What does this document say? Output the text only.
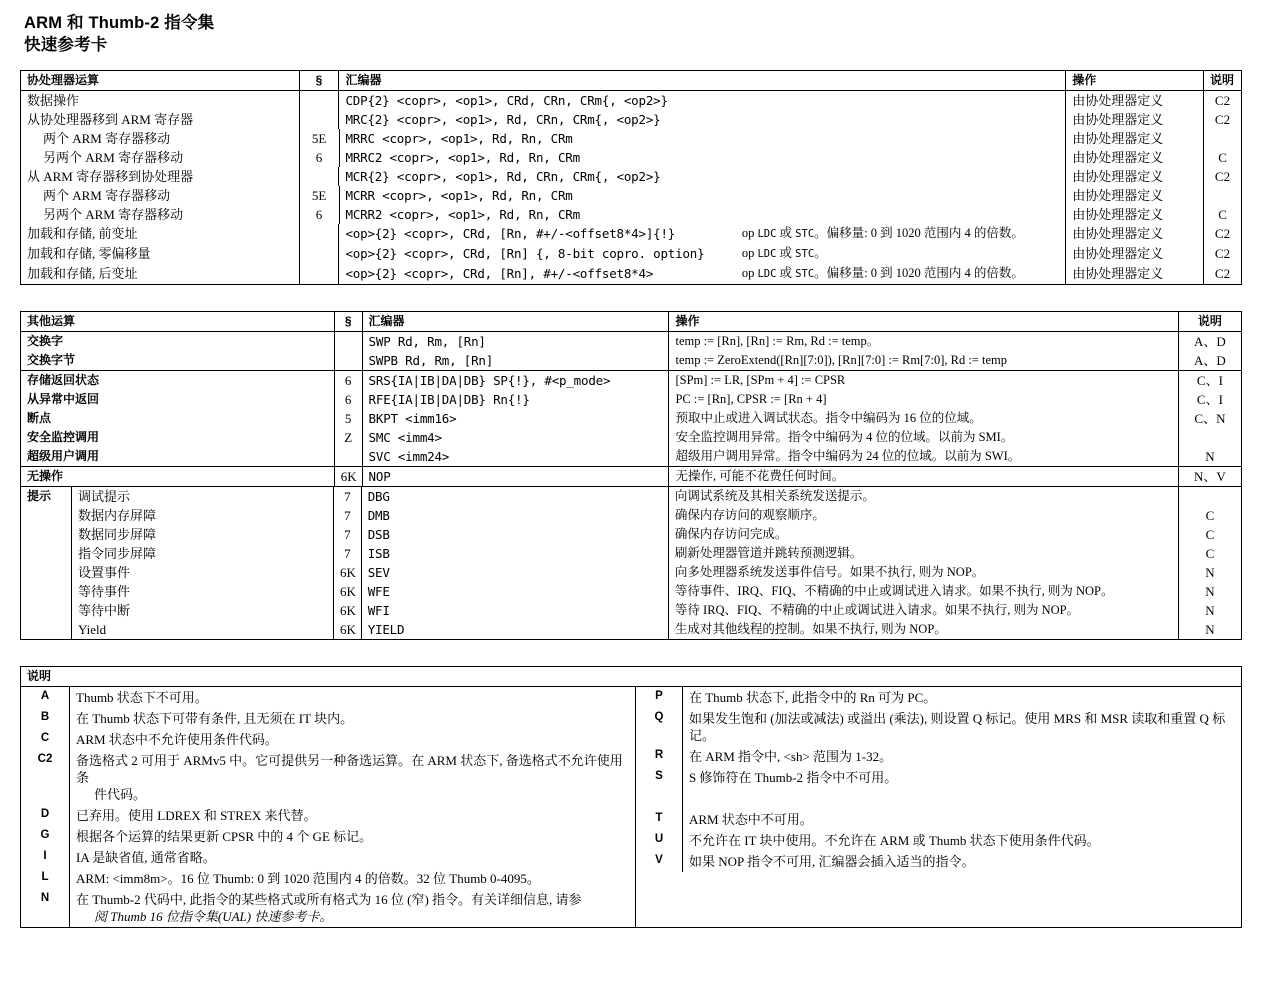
ARM 和 Thumb-2 指令集
快速参考卡
协处理器运算	§	汇编器	操作	说明
数据操作	CDP{2} <copr>, <op1>, CRd, CRn, CRm{, <op2>}	由协处理器定义	C2
从协处理器移到 ARM 寄存器	MRC{2} <copr>, <op1>, Rd, CRn, CRm{, <op2>}	由协处理器定义	C2
两个 ARM 寄存器移动	5E	MRRC <copr>, <op1>, Rd, Rn, CRm	由协处理器定义
另两个 ARM 寄存器移动	6	MRRC2 <copr>, <op1>, Rd, Rn, CRm	由协处理器定义	C
从 ARM 寄存器移到协处理器	MCR{2} <copr>, <op1>, Rd, CRn, CRm{, <op2>}	由协处理器定义	C2
两个 ARM 寄存器移动	5E	MCRR <copr>, <op1>, Rd, Rn, CRm	由协处理器定义
另两个 ARM 寄存器移动	6	MCRR2 <copr>, <op1>, Rd, Rn, CRm	由协处理器定义	C
加载和存储, 前变址	<op>{2} <copr>, CRd, [Rn, #+/-<offset8*4>]{!}	op LDC 或 STC。偏移量: 0 到 1020 范围内 4 的倍数。	由协处理器定义	C2
加载和存储, 零偏移量	<op>{2} <copr>, CRd, [Rn] {, 8-bit copro. option}	op LDC 或 STC。	由协处理器定义	C2
加载和存储, 后变址	<op>{2} <copr>, CRd, [Rn], #+/-<offset8*4>	op LDC 或 STC。偏移量: 0 到 1020 范围内 4 的倍数。	由协处理器定义	C2
其他运算	§	汇编器	操作	说明
交换字	SWP Rd, Rm, [Rn]	temp := [Rn], [Rn] := Rm, Rd := temp。	A、D
交换字节	SWPB Rd, Rm, [Rn]	temp := ZeroExtend([Rn][7:0]), [Rn][7:0] := Rm[7:0], Rd := temp	A、D
存储返回状态	6	SRS{IA|IB|DA|DB} SP{!}, #<p_mode>	[SPm] := LR, [SPm + 4] := CPSR	C、I
从异常中返回	6	RFE{IA|IB|DA|DB} Rn{!}	PC := [Rn], CPSR := [Rn + 4]	C、I
断点	5	BKPT <imm16>	预取中止或进入调试状态。指令中编码为 16 位的位域。	C、N
安全监控调用	Z	SMC <imm4>	安全监控调用异常。指令中编码为 4 位的位域。以前为 SMI。
超级用户调用	SVC <imm24>	超级用户调用异常。指令中编码为 24 位的位域。以前为 SWI。	N
无操作	6K NOP	无操作, 可能不花费任何时间。	N、V
提示	调试提示	7	DBG	向调试系统及其相关系统发送提示。
数据内存屏障	7	DMB	确保内存访问的观察顺序。	C
数据同步屏障	7	DSB	确保内存访问完成。	C
指令同步屏障	7	ISB	刷新处理器管道并跳转预测逻辑。	C
设置事件	6K SEV	向多处理器系统发送事件信号。如果不执行, 则为 NOP。	N
等待事件	6K WFE	等待事件、IRQ、FIQ、不精确的中止或调试进入请求。如果不执行, 则为 NOP。	N
等待中断	6K WFI	等待 IRQ、FIQ、不精确的中止或调试进入请求。如果不执行, 则为 NOP。	N
Yield	6K YIELD	生成对其他线程的控制。如果不执行, 则为 NOP。	N
说明
A	Thumb 状态下不可用。
B	在 Thumb 状态下可带有条件, 且无须在 IT 块内。
C	ARM 状态中不允许使用条件代码。
C2	备选格式 2 可用于 ARMv5 中。它可提供另一种备选运算。在 ARM 状态下, 备选格式不允许使用条

件代码。
D	已弃用。使用 LDREX 和 STREX 来代替。
G	根据各个运算的结果更新 CPSR 中的 4 个 GE 标记。
I	IA 是缺省值, 通常省略。
L	ARM: <imm8m>。16 位 Thumb: 0 到 1020 范围内 4 的倍数。32 位 Thumb 0-4095。
N	在 Thumb-2 代码中, 此指令的某些格式或所有格式为 16 位 (窄) 指令。有关详细信息, 请参

阅 Thumb 16 位指令集(UAL) 快速参考卡。
P	在 Thumb 状态下, 此指令中的 Rn 可为 PC。
Q	如果发生饱和 (加法或减法) 或溢出 (乘法), 则设置 Q 标记。使用 MRS 和 MSR 读取和重置 Q 标记。
R	在 ARM 指令中, <sh> 范围为 1-32。
S	S 修饰符在 Thumb-2 指令中不可用。

T	ARM 状态中不可用。
U	不允许在 IT 块中使用。不允许在 ARM 或 Thumb 状态下使用条件代码。
V	如果 NOP 指令不可用, 汇编器会插入适当的指令。
